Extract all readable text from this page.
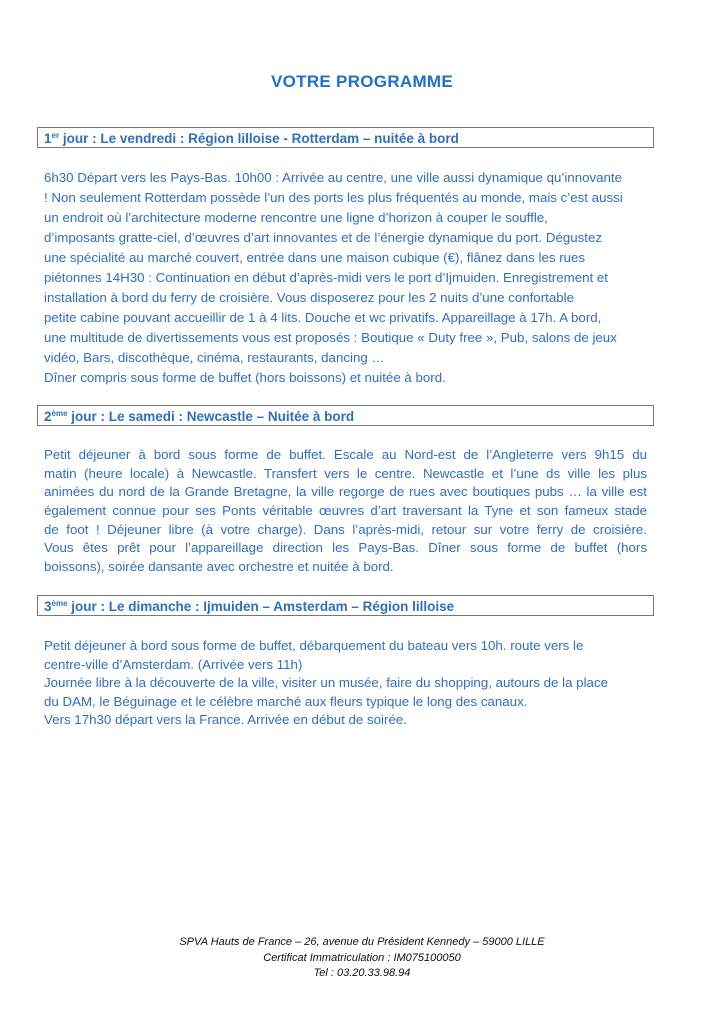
VOTRE PROGRAMME
1er jour : Le vendredi : Région lilloise - Rotterdam – nuitée à bord
6h30 Départ vers les Pays-Bas. 10h00 : Arrivée au centre, une ville aussi dynamique qu’innovante
! Non seulement Rotterdam possède l’un des ports les plus fréquentés au monde, mais c’est aussi
un endroit où l’architecture moderne rencontre une ligne d’horizon à couper le souffle,
d’imposants gratte-ciel, d’œuvres d’art innovantes et de l’énergie dynamique du port. Dégustez
une spécialité au marché couvert, entrée dans une maison cubique (€), flânez dans les rues
piétonnes 14H30 : Continuation en début d’après-midi vers le port d’Ijmuiden. Enregistrement et
installation à bord du ferry de croisière. Vous disposerez pour les 2 nuits d’une confortable
petite cabine pouvant accueillir de 1 à 4 lits. Douche et wc privatifs. Appareillage à 17h. A bord,
une multitude de divertissements vous est proposés : Boutique « Duty free », Pub, salons de jeux
vidéo, Bars, discothèque, cinéma, restaurants, dancing …
Dîner compris sous forme de buffet (hors boissons) et nuitée à bord.
2ème jour : Le samedi : Newcastle – Nuitée à bord
Petit déjeuner à bord sous forme de buffet. Escale au Nord-est de l’Angleterre vers 9h15 du
matin (heure locale) à Newcastle. Transfert vers le centre. Newcastle et l’une ds ville les plus
animées du nord de la Grande Bretagne, la ville regorge de rues avec boutiques pubs … la ville est
également connue pour ses Ponts véritable œuvres d’art traversant la Tyne et son fameux stade
de foot ! Déjeuner libre (à votre charge). Dans l’après-midi, retour sur votre ferry de croisière.
Vous êtes prêt pour l’appareillage direction les Pays-Bas. Dîner sous forme de buffet (hors
boissons), soirée dansante avec orchestre et nuitée à bord.
3ème jour : Le dimanche : Ijmuiden – Amsterdam – Région lilloise
Petit déjeuner à bord sous forme de buffet, débarquement du bateau vers 10h. route vers le
centre-ville d’Amsterdam. (Arrivée vers 11h)
Journée libre à la découverte de la ville, visiter un musée, faire du shopping, autours de la place
du DAM, le Béguinage et le célèbre marché aux fleurs typique le long des canaux.
Vers 17h30 départ vers la France. Arrivée en début de soirée.
SPVA Hauts de France – 26, avenue du Président Kennedy – 59000 LILLE
Certificat Immatriculation : IM075100050
Tel : 03.20.33.98.94
